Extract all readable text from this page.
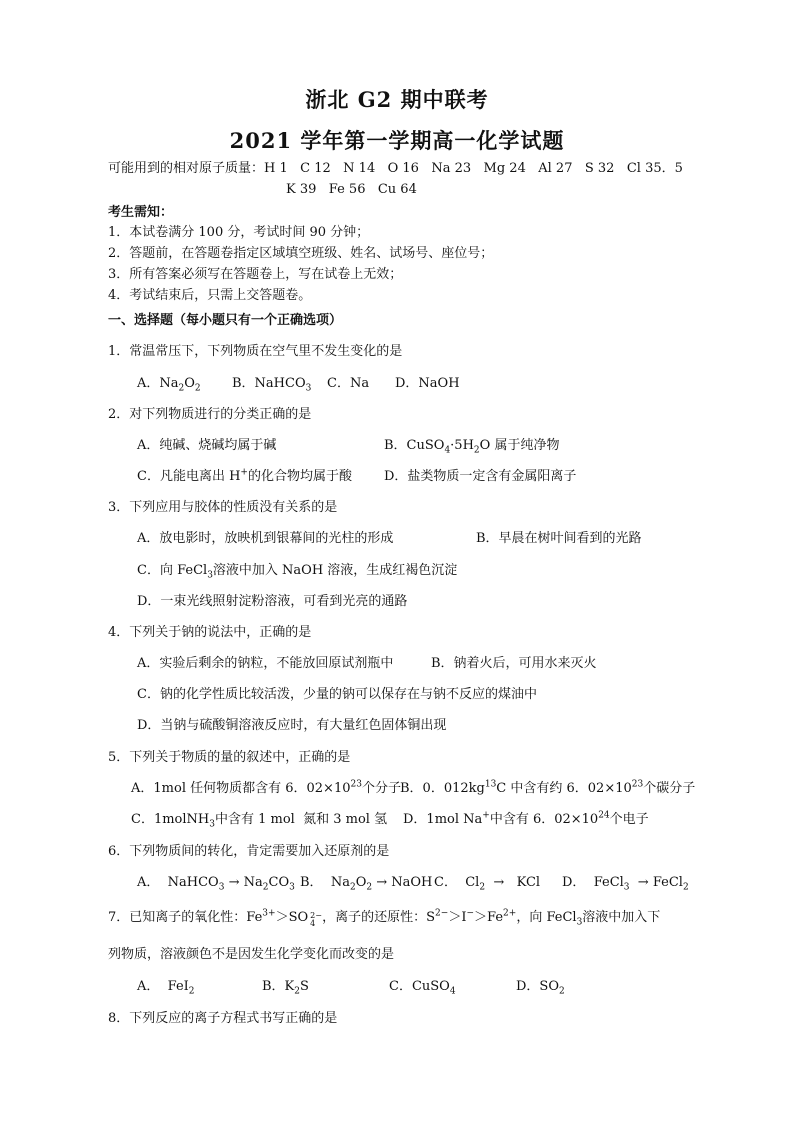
浙北 G2 期中联考
2021 学年第一学期高一化学试题
可能用到的相对原子质量：H 1   C 12   N 14   O 16   Na 23   Mg 24   Al 27   S 32   Cl 35．5
K 39   Fe 56   Cu 64
考生需知：
1．本试卷满分 100 分，考试时间 90 分钟；
2．答题前，在答题卷指定区域填空班级、姓名、试场号、座位号；
3．所有答案必须写在答题卷上，写在试卷上无效；
4．考试结束后，只需上交答题卷。
一、选择题（每小题只有一个正确选项）
1．常温常压下，下列物质在空气里不发生变化的是
A．$Na_2O_2$ B．NaHCO$_3$ C．Na D．NaOH
2．对下列物质进行的分类正确的是
A．纯碱、烧碱均属于碱	B．$CuSO_4\cdot 5H_2O$ 属于纯净物
C．凡能电离出 H+的化合物均属于酸 D．盐类物质一定含有金属阳离子
3．下列应用与胶体的性质没有关系的是
A．放电影时，放映机到银幕间的光柱的形成	B．早晨在树叶间看到的光路
C．向 FeCl$_3$溶液中加入 NaOH 溶液，生成红褐色沉淀
D．一束光线照射淀粉溶液，可看到光亮的通路
4．下列关于钠的说法中，正确的是
A．实验后剩余的钠粒，不能放回原试剂瓶中	B．钠着火后，可用水来灭火
C．钠的化学性质比较活泼，少量的钠可以保存在与钠不反应的煤油中
D．当钠与硫酸铜溶液反应时，有大量红色固体铜出现
5．下列关于物质的量的叙述中，正确的是
A．1mol 任何物质都含有 6．$02\times 10^{23}$个分子 B．0．$012kg^{13}C$ 中含有约 6．$02\times 10^{23}$个碳分子
C．1molNH$_3$中含有 1 mol  氮和 3 mol 氢 D．1mol Na+中含有 6．$02\times 10^{24}$个电子
6．下列物质间的转化，肯定需要加入还原剂的是
A．  NaHCO$_3$ → $Na_2CO_3$ B．  $Na_2O_2$ → NaOH C．  $Cl_2$  →   KCl D．  FeCl$_3$  → FeCl$_2$
7．已知离子的氧化性：$Fe^{3+}>SO$ 2−
4 ，离子的还原性：$S^{2-}>I^->Fe^{2+}$，向 FeCl$_3$溶液中加入下
列物质，溶液颜色不是因发生化学变化而改变的是
A．  FeI$_2$	B．$K_2S$	C．CuSO$_4$	D．$SO_2$
8．下列反应的离子方程式书写正确的是
